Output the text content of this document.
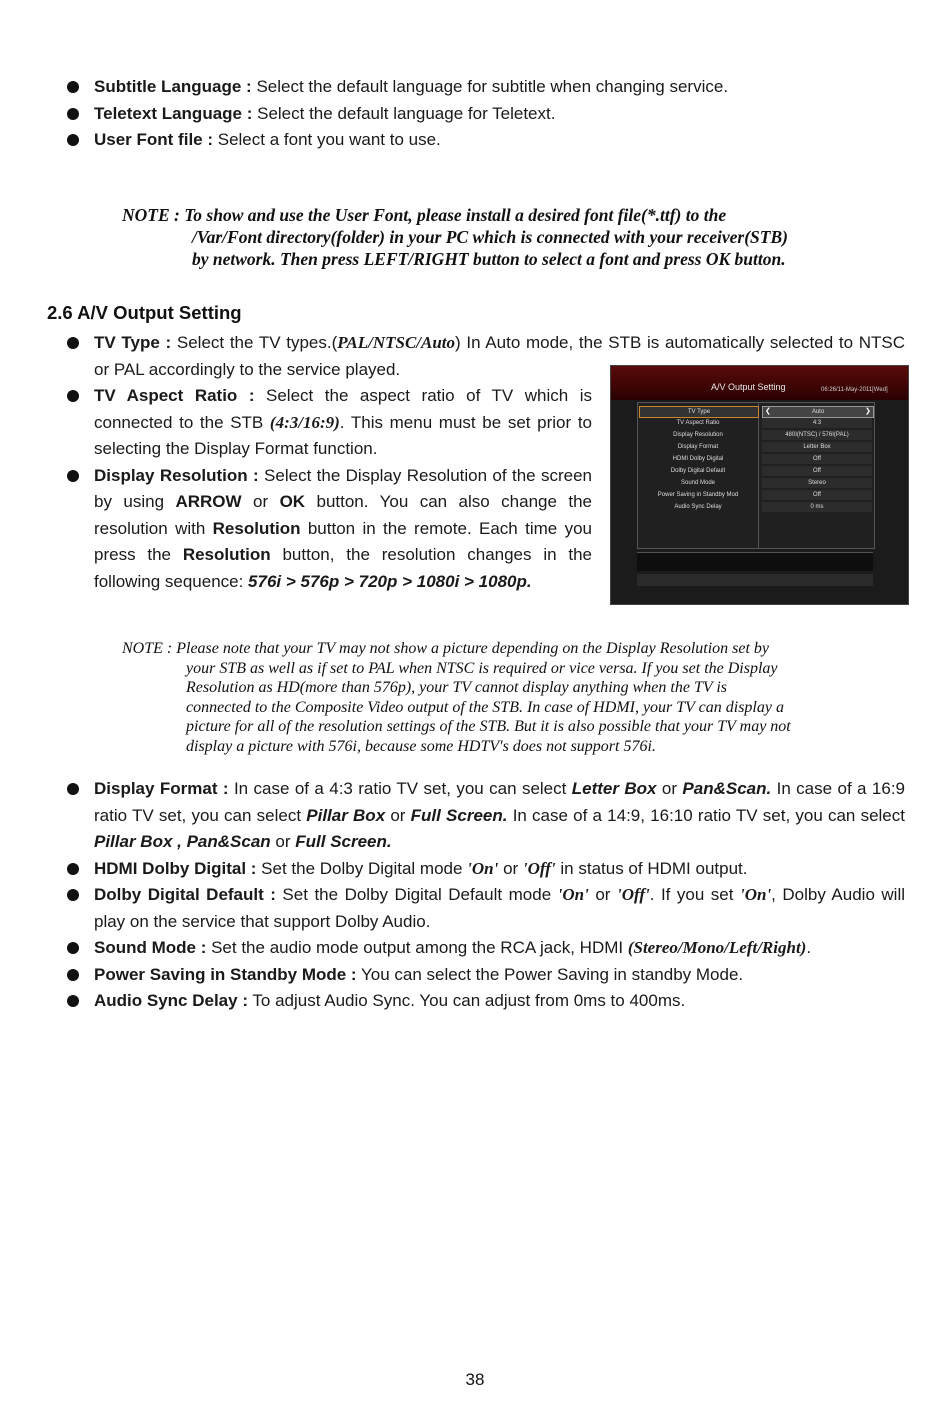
Subtitle Language : Select the default language for subtitle when changing service.
Teletext Language : Select the default language for Teletext.
User Font file : Select a font you want to use.
NOTE : To show and use the User Font, please install a desired font file(*.ttf) to the
/Var/Font directory(folder) in your PC which is connected with your receiver(STB)
by network. Then press LEFT/RIGHT button to select a font and press OK button.
2.6 A/V Output Setting
TV Type : Select the TV types.(PAL/NTSC/Auto) In Auto mode, the STB is automatically selected to NTSC or PAL accordingly to the service played.
TV Aspect Ratio : Select the aspect ratio of TV which is connected to the STB (4:3/16:9). This menu must be set prior to selecting the Display Format function.
Display Resolution : Select the Display Resolution of the screen by using ARROW or OK button. You can also change the resolution with Resolution button in the remote. Each time you press the Resolution button, the resolution changes in the following sequence: 576i > 576p > 720p > 1080i > 1080p.
A/V Output Setting	06:26/11-May-2011[Wed]
TV Type	Auto
❮	❯
TV Aspect Ratio	4:3
Display Resolution	480I(NTSC) / 576I(PAL)
Display Format	Letter Box
HDMI Dolby Digital	Off
Dolby Digital Default	Off
Sound Mode	Stereo
Power Saving in Standby Mod	Off
Audio Sync Delay	0 ms
NOTE : Please note that your TV may not show a picture depending on the Display Resolution set by
your STB as well as if set to PAL when NTSC is required or vice versa. If you set the Display
Resolution as HD(more than 576p), your TV cannot display anything when the TV is
connected to the Composite Video output of the STB. In case of HDMI, your TV can display a
picture for all of the resolution settings of the STB. But it is also possible that your TV may not
display a picture with 576i, because some HDTV's does not support 576i.
Display Format : In case of a 4:3 ratio TV set, you can select Letter Box or Pan&Scan. In case of a 16:9 ratio TV set, you can select Pillar Box or Full Screen. In case of a 14:9, 16:10 ratio TV set, you can select Pillar Box , Pan&Scan or Full Screen.
HDMI Dolby Digital : Set the Dolby Digital mode 'On' or 'Off' in status of HDMI output.
Dolby Digital Default : Set the Dolby Digital Default mode 'On' or 'Off'. If you set 'On', Dolby Audio will play on the service that support Dolby Audio.
Sound Mode : Set the audio mode output among the RCA jack, HDMI (Stereo/Mono/Left/Right).
Power Saving in Standby Mode : You can select the Power Saving in standby Mode.
Audio Sync Delay : To adjust Audio Sync. You can adjust from 0ms to 400ms.
38
